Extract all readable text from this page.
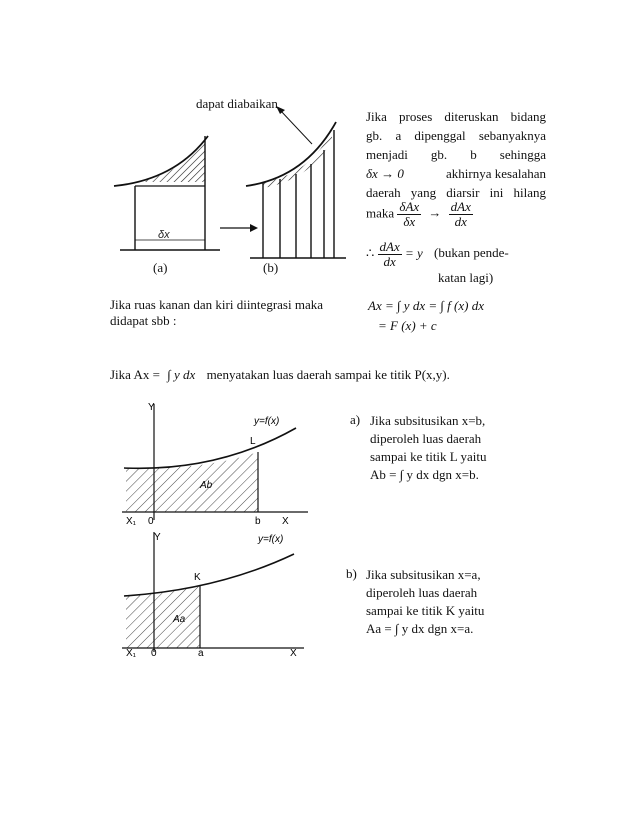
δx
dapat diabaikan
(a)	(b)
Jika proses diteruskan bidang
gb. a dipenggal sebanyaknya
menjadi gb. b sehingga
δx → 0	akhirnya kesalahan
daerah yang diarsir ini hilang
maka $\frac{\text{δAx}}{\delta x} \to \frac{\text{dAx}}{dx}$
∴ $\frac{\text{dAx}}{dx} = y$ (bukan pende-
katan lagi)
Jika ruas kanan dan kiri diintegrasi maka
didapat sbb :
Ax = ∫ y dx = ∫ f (x) dx
= F (x) + c
Jika Ax = ∫ y dx menyatakan luas daerah sampai ke titik P(x,y).
Y
y=f(x)
L
Ab
X₁ 0	b X
Y	y=f(x)
K
Aa
X₁ 0	a	X
a) Jika subsitusikan x=b,
diperoleh luas daerah
sampai ke titik L yaitu
Ab = ∫ y dx dgn x=b.
b) Jika subsitusikan x=a,
diperoleh luas daerah
sampai ke titik K yaitu
Aa = ∫ y dx dgn x=a.
